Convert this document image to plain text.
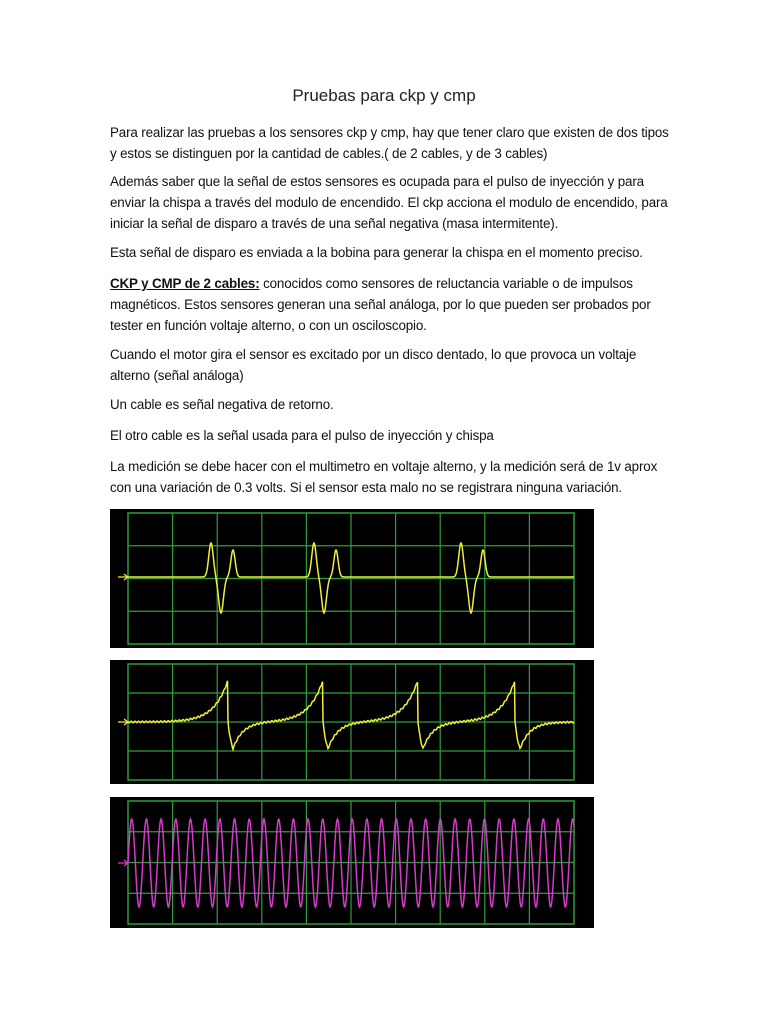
Pruebas para ckp y cmp

Para realizar las pruebas a los sensores ckp y cmp, hay que tener claro que existen de dos tipos y estos se distinguen por la cantidad de cables.( de 2 cables, y de 3 cables)

Además saber que la señal de estos sensores es ocupada para el pulso de inyección y para enviar la chispa a través del modulo de encendido. El ckp acciona el modulo de encendido, para iniciar la señal de disparo a través de una señal negativa (masa intermitente).

Esta señal de disparo es enviada a la bobina para generar la chispa en el momento preciso.

CKP y CMP de 2 cables: conocidos como sensores de reluctancia variable o de impulsos magnéticos. Estos sensores generan una señal análoga, por lo que pueden ser probados por tester en función voltaje alterno, o con un osciloscopio.

Cuando el motor gira el sensor es excitado por un disco dentado, lo que provoca un voltaje alterno (señal análoga)

Un cable es señal negativa de retorno.

El otro cable es la señal usada para el pulso de inyección y chispa

La medición se debe hacer con el multimetro en voltaje alterno, y la medición será de 1v aprox con una variación de 0.3 volts. Si el sensor esta malo no se registrara ninguna variación.
